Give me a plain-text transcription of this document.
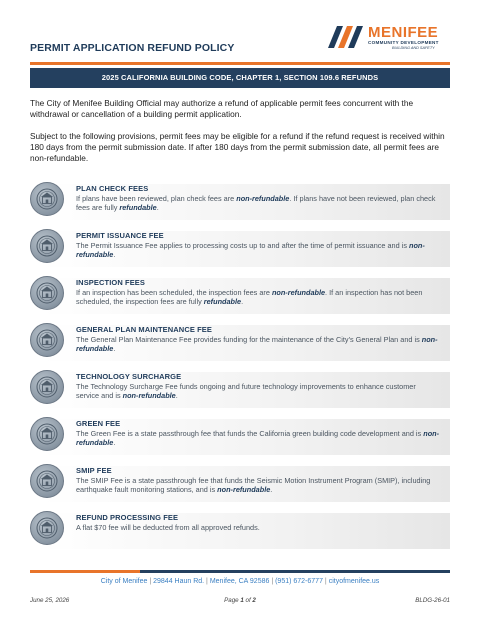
PERMIT APPLICATION REFUND POLICY
MENIFEE
COMMUNITY DEVELOPMENT
BUILDING AND SAFETY
2025 CALIFORNIA BUILDING CODE, CHAPTER 1, SECTION 109.6 REFUNDS

The City of Menifee Building Official may authorize a refund of applicable permit fees concurrent with the withdrawal or cancellation of a building permit application.

Subject to the following provisions, permit fees may be eligible for a refund if the refund request is received within 180 days from the permit submission date. If after 180 days from the permit submission date, all permit fees are non-refundable.

PLAN CHECK FEES
If plans have been reviewed, plan check fees are non-refundable. If plans have not been reviewed, plan check fees are fully refundable.
PERMIT ISSUANCE FEE
The Permit Issuance Fee applies to processing costs up to and after the time of permit issuance and is non-refundable.
INSPECTION FEES
If an inspection has been scheduled, the inspection fees are non-refundable. If an inspection has not been scheduled, the inspection fees are fully refundable.
GENERAL PLAN MAINTENANCE FEE
The General Plan Maintenance Fee provides funding for the maintenance of the City's General Plan and is non-refundable.
TECHNOLOGY SURCHARGE
The Technology Surcharge Fee funds ongoing and future technology improvements to enhance customer service and is non-refundable.
GREEN FEE
The Green Fee is a state passthrough fee that funds the California green building code development and is non-refundable.
SMIP FEE
The SMIP Fee is a state passthrough fee that funds the Seismic Motion Instrument Program (SMIP), including earthquake fault monitoring stations, and is non-refundable.
REFUND PROCESSING FEE
A flat $70 fee will be deducted from all approved refunds.
City of Menifee | 29844 Haun Rd. | Menifee, CA 92586 | (951) 672-6777 | cityofmenifee.us
June 25, 2026	Page 1 of 2	BLDG-26-01
